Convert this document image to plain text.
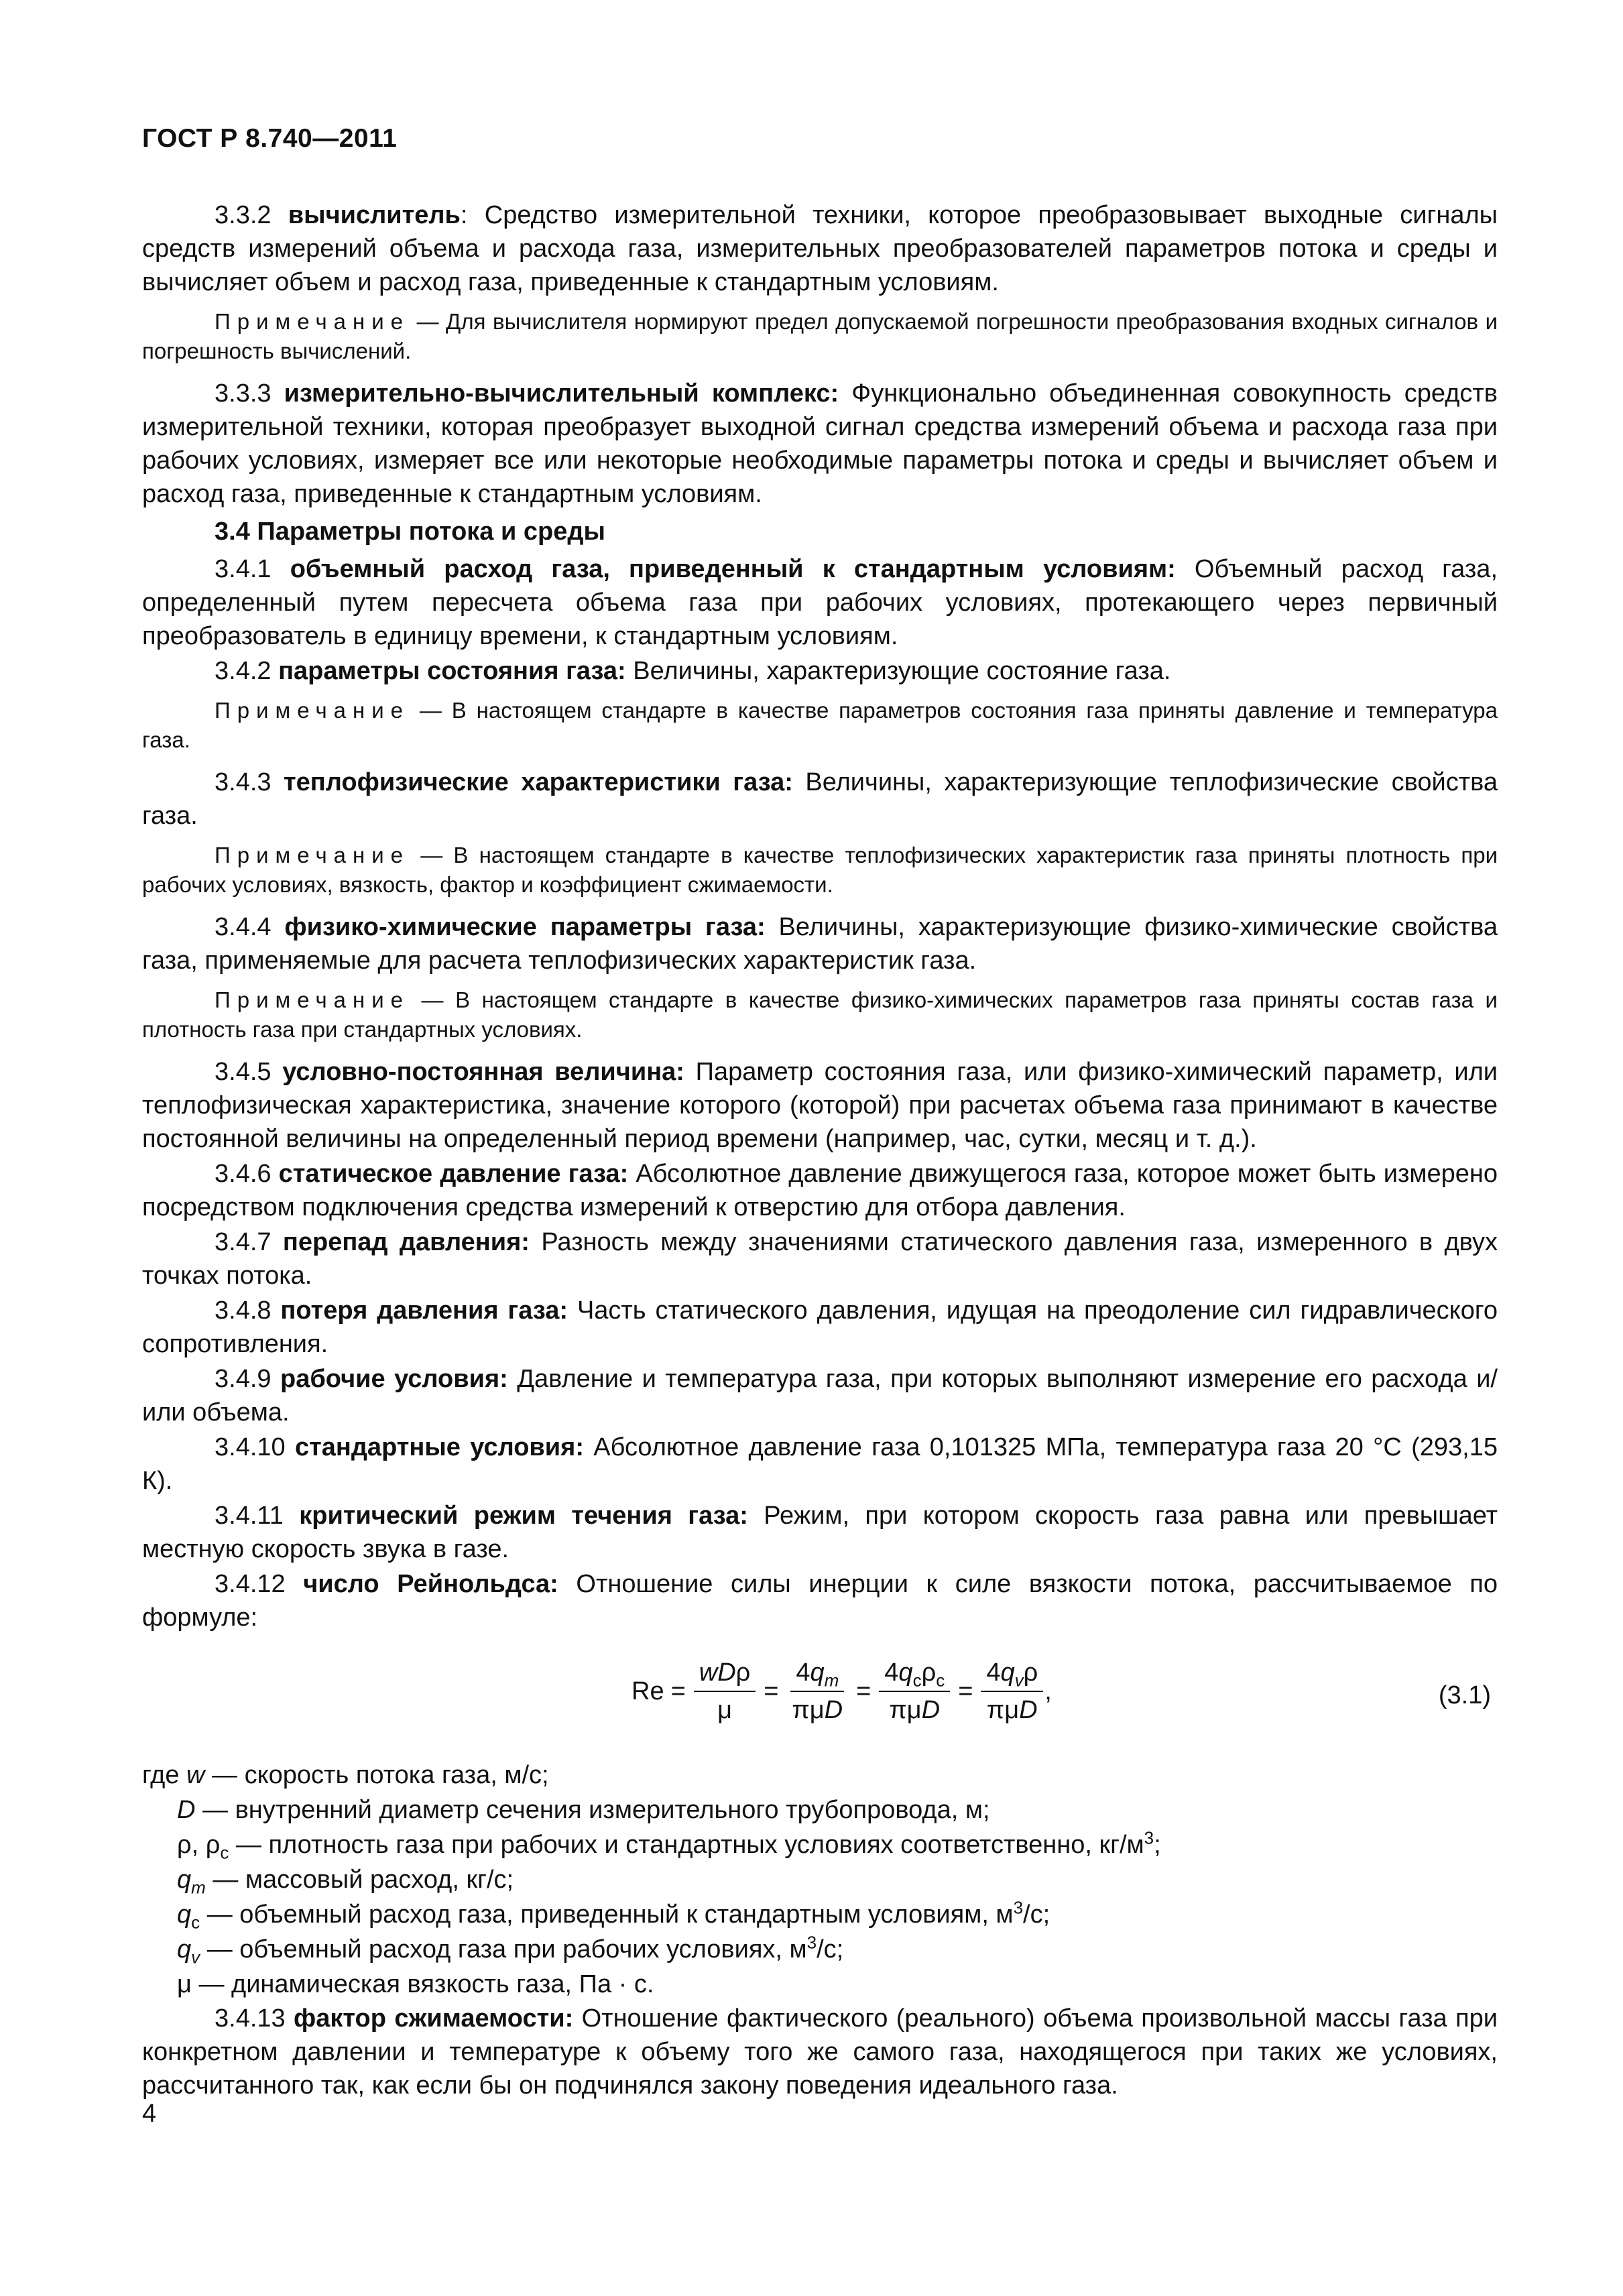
ГОСТ Р 8.740—2011

3.3.2 вычислитель: Средство измерительной техники, которое преобразовывает выходные сигналы средств измерений объема и расхода газа, измерительных преобразователей параметров потока и среды и вычисляет объем и расход газа, приведенные к стандартным условиям.

Примечание — Для вычислителя нормируют предел допускаемой погрешности преобразования входных сигналов и погрешность вычислений.

3.3.3 измерительно-вычислительный комплекс: Функционально объединенная совокупность средств измерительной техники, которая преобразует выходной сигнал средства измерений объема и расхода газа при рабочих условиях, измеряет все или некоторые необходимые параметры потока и среды и вычисляет объем и расход газа, приведенные к стандартным условиям.

3.4 Параметры потока и среды

3.4.1 объемный расход газа, приведенный к стандартным условиям: Объемный расход газа, определенный путем пересчета объема газа при рабочих условиях, протекающего через первичный преобразователь в единицу времени, к стандартным условиям.

3.4.2 параметры состояния газа: Величины, характеризующие состояние газа.

Примечание — В настоящем стандарте в качестве параметров состояния газа приняты давление и температура газа.

3.4.3 теплофизические характеристики газа: Величины, характеризующие теплофизические свойства газа.

Примечание — В настоящем стандарте в качестве теплофизических характеристик газа приняты плотность при рабочих условиях, вязкость, фактор и коэффициент сжимаемости.

3.4.4 физико-химические параметры газа: Величины, характеризующие физико-химические свойства газа, применяемые для расчета теплофизических характеристик газа.

Примечание — В настоящем стандарте в качестве физико-химических параметров газа приняты состав газа и плотность газа при стандартных условиях.

3.4.5 условно-постоянная величина: Параметр состояния газа, или физико-химический параметр, или теплофизическая характеристика, значение которого (которой) при расчетах объема газа принимают в качестве постоянной величины на определенный период времени (например, час, сутки, месяц и т. д.).

3.4.6 статическое давление газа: Абсолютное давление движущегося газа, которое может быть измерено посредством подключения средства измерений к отверстию для отбора давления.

3.4.7 перепад давления: Разность между значениями статического давления газа, измеренного в двух точках потока.

3.4.8 потеря давления газа: Часть статического давления, идущая на преодоление сил гидравлического сопротивления.

3.4.9 рабочие условия: Давление и температура газа, при которых выполняют измерение его расхода и/или объема.

3.4.10 стандартные условия: Абсолютное давление газа 0,101325 МПа, температура газа 20 °С (293,15 К).

3.4.11 критический режим течения газа: Режим, при котором скорость газа равна или превышает местную скорость звука в газе.

3.4.12 число Рейнольдса: Отношение силы инерции к силе вязкости потока, рассчитываемое по формуле:

$Re = \frac{\text{wDρ}}{\mu} = \frac{4q_m}{\text{πμD}} = \frac{4q_c\rho_c}{\text{πμD}} = \frac{4q_v\rho}{\text{πμD}}$ ,	(3.1)
где w — скорость потока газа, м/с;
D — внутренний диаметр сечения измерительного трубопровода, м;
ρ, $\rho_c$ — плотность газа при рабочих и стандартных условиях соответственно, $кг/м^3$;
$q_m$ — массовый расход, кг/с;
$q_c$ — объемный расход газа, приведенный к стандартным условиям, $м^3/с$;
$q_v$ — объемный расход газа при рабочих условиях, $м^3/с$;
μ — динамическая вязкость газа, Па · с.

3.4.13 фактор сжимаемости: Отношение фактического (реального) объема произвольной массы газа при конкретном давлении и температуре к объему того же самого газа, находящегося при таких же условиях, рассчитанного так, как если бы он подчинялся закону поведения идеального газа.

4
